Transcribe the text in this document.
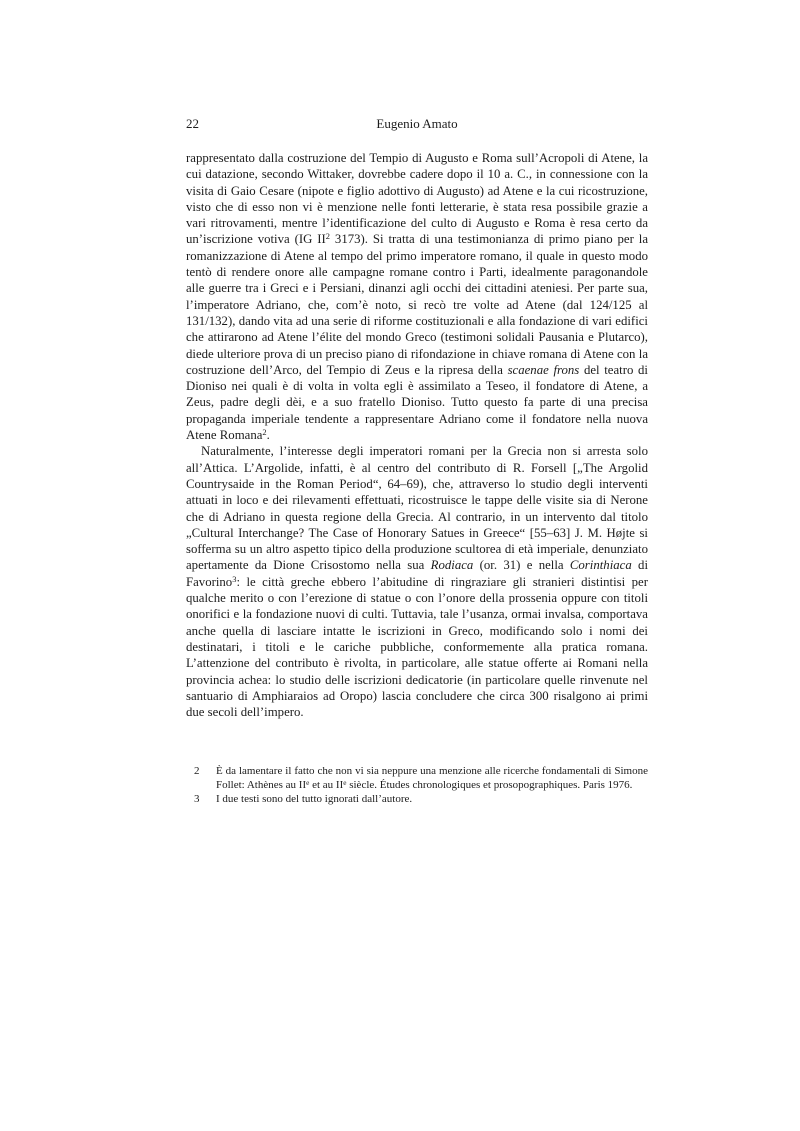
22	Eugenio Amato

rappresentato dalla costruzione del Tempio di Augusto e Roma sull’Acropoli di Atene, la cui datazione, secondo Wittaker, dovrebbe cadere dopo il 10 a. C., in connessione con la visita di Gaio Cesare (nipote e figlio adottivo di Augusto) ad Atene e la cui ricostruzione, visto che di esso non vi è menzione nelle fonti letterarie, è stata resa possibile grazie a vari ritrovamenti, mentre l’identificazione del culto di Augusto e Roma è resa certo da un’iscrizione votiva (IG $II^2$ 3173). Si tratta di una testimonianza di primo piano per la romanizzazione di Atene al tempo del primo imperatore romano, il quale in questo modo tentò di rendere onore alle campagne romane contro i Parti, idealmente paragonandole alle guerre tra i Greci e i Persiani, dinanzi agli occhi dei cittadini ateniesi. Per parte sua, l’imperatore Adriano, che, com’è noto, si recò tre volte ad Atene (dal 124/125 al 131/132), dando vita ad una serie di riforme costituzionali e alla fondazione di vari edifici che attirarono ad Atene l’élite del mondo Greco (testimoni solidali Pausania e Plutarco), diede ulteriore prova di un preciso piano di rifondazione in chiave romana di Atene con la costruzione dell’Arco, del Tempio di Zeus e la ripresa della scaenae frons del teatro di Dioniso nei quali è di volta in volta egli è assimilato a Teseo, il fondatore di Atene, a Zeus, padre degli dèi, e a suo fratello Dioniso. Tutto questo fa parte di una precisa propaganda imperiale tendente a rappresentare Adriano come il fondatore nella nuova Atene Romana$^2$.

Naturalmente, l’interesse degli imperatori romani per la Grecia non si arresta solo all’Attica. L’Argolide, infatti, è al centro del contributo di R. Forsell [„The Argolid Countrysaide in the Roman Period“, 64–69), che, attraverso lo studio degli interventi attuati in loco e dei rilevamenti effettuati, ricostruisce le tappe delle visite sia di Nerone che di Adriano in questa regione della Grecia. Al contrario, in un intervento dal titolo „Cultural Interchange? The Case of Honorary Satues in Greece“ [55–63] J. M. Højte si sofferma su un altro aspetto tipico della produzione scultorea di età imperiale, denunziato apertamente da Dione Crisostomo nella sua Rodiaca (or. 31) e nella Corinthiaca di Favorino$^3$: le città greche ebbero l’abitudine di ringraziare gli stranieri distintisi per qualche merito o con l’erezione di statue o con l’onore della prossenia oppure con titoli onorifici e la fondazione nuovi di culti. Tuttavia, tale l’usanza, ormai invalsa, comportava anche quella di lasciare intatte le iscrizioni in Greco, modificando solo i nomi dei destinatari, i titoli e le cariche pubbliche, conformemente alla pratica romana. L’attenzione del contributo è rivolta, in particolare, alle statue offerte ai Romani nella provincia achea: lo studio delle iscrizioni dedicatorie (in particolare quelle rinvenute nel santuario di Amphiaraios ad Oropo) lascia concludere che circa 300 risalgono ai primi due secoli dell’impero.

2	È da lamentare il fatto che non vi sia neppure una menzione alle ricerche fondamentali di Simone Follet: Athènes au IIe et au IIe siècle. Études chronologiques et prosopographiques. Paris 1976.
3	I due testi sono del tutto ignorati dall’autore.
